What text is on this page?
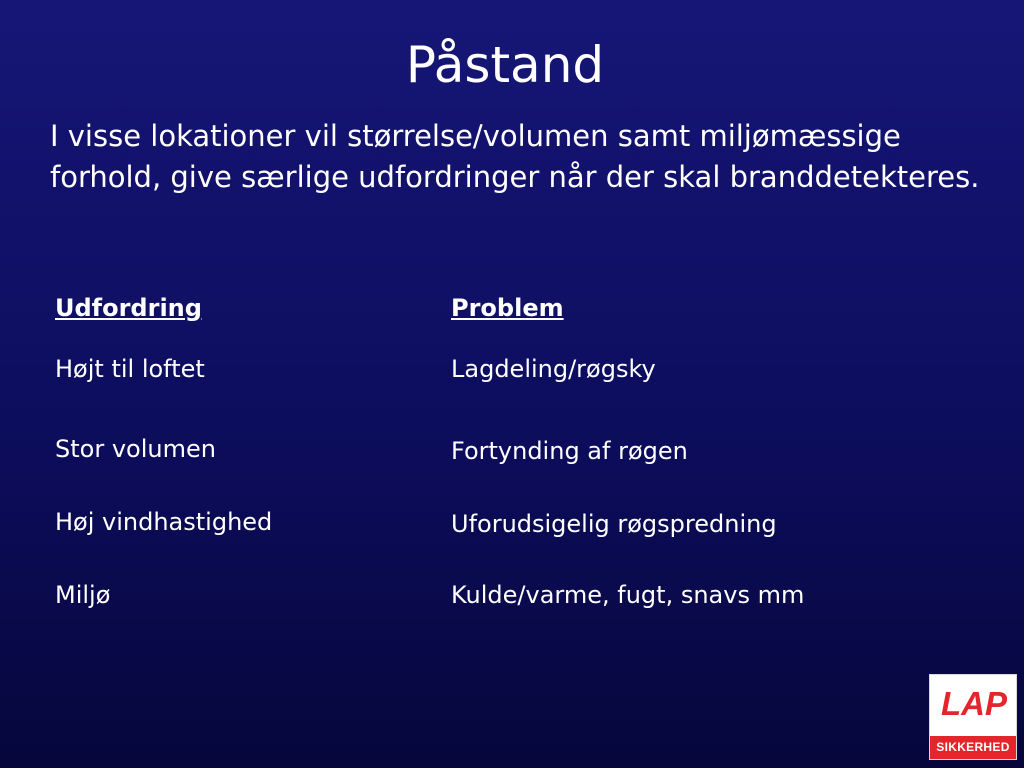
Påstand

I visse lokationer vil størrelse/volumen samt miljømæssige forhold, give særlige udfordringer når der skal branddetekteres.

Udfordring	Problem
Højt til loftet	Lagdeling/røgsky
Stor volumen	Fortynding af røgen
Høj vindhastighed	Uforudsigelig røgspredning
Miljø	Kulde/varme, fugt, snavs mm
LAP
SIKKERHED
